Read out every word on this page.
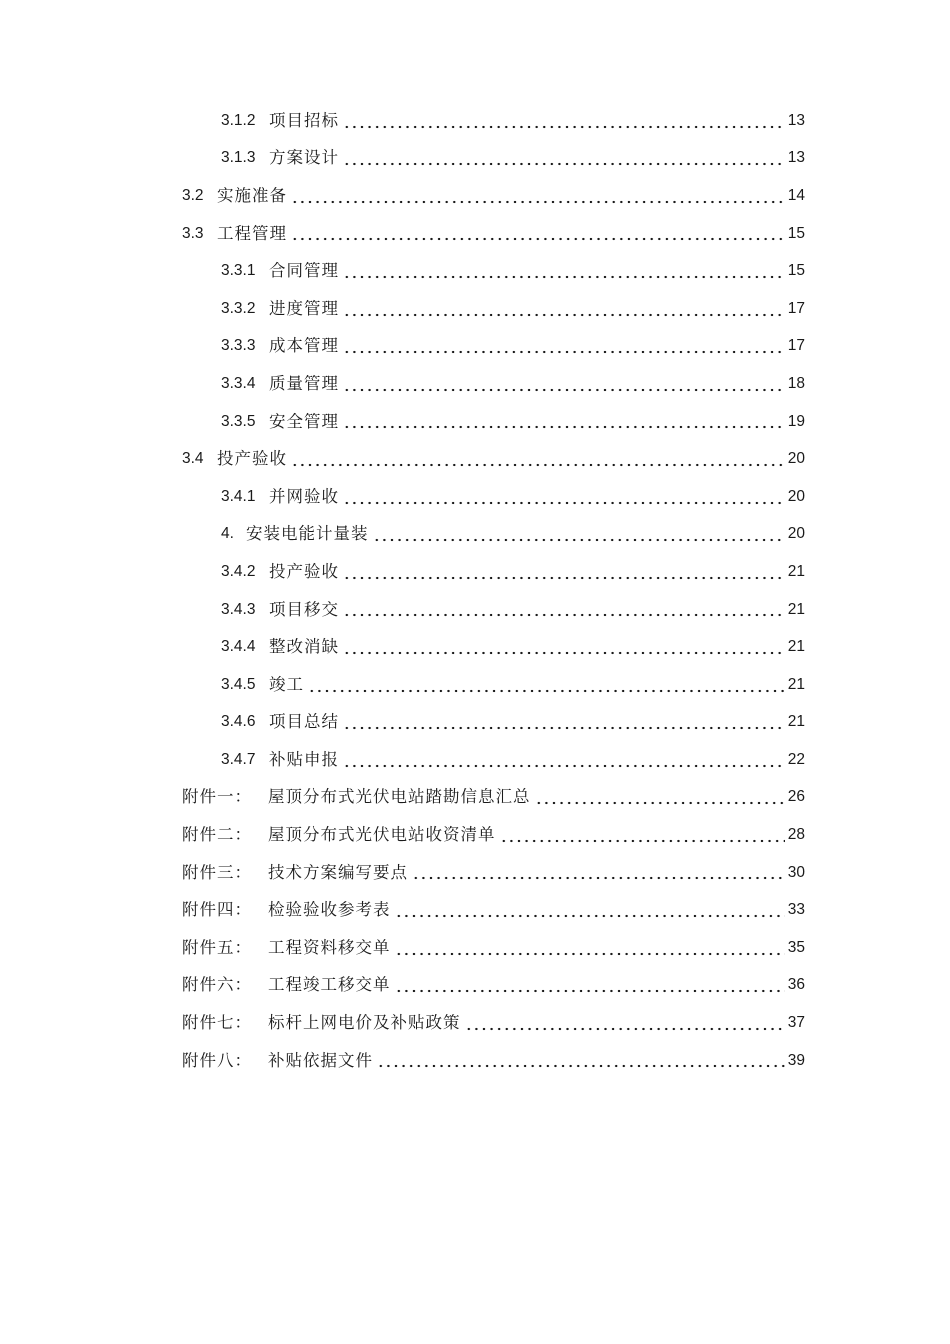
3.1.2 项目招标	13
3.1.3 方案设计	13
3.2 实施准备	14
3.3 工程管理	15
3.3.1 合同管理	15
3.3.2 进度管理	17
3.3.3 成本管理	17
3.3.4 质量管理	18
3.3.5 安全管理	19
3.4 投产验收	20
3.4.1 并网验收	20
4. 安装电能计量装	20
3.4.2 投产验收	21
3.4.3 项目移交	21
3.4.4 整改消缺	21
3.4.5 竣工	21
3.4.6 项目总结	21
3.4.7 补贴申报	22
附件一： 屋顶分布式光伏电站踏勘信息汇总	26
附件二： 屋顶分布式光伏电站收资清单	28
附件三： 技术方案编写要点	30
附件四： 检验验收参考表	33
附件五： 工程资料移交单	35
附件六： 工程竣工移交单	36
附件七： 标杆上网电价及补贴政策	37
附件八： 补贴依据文件	39
